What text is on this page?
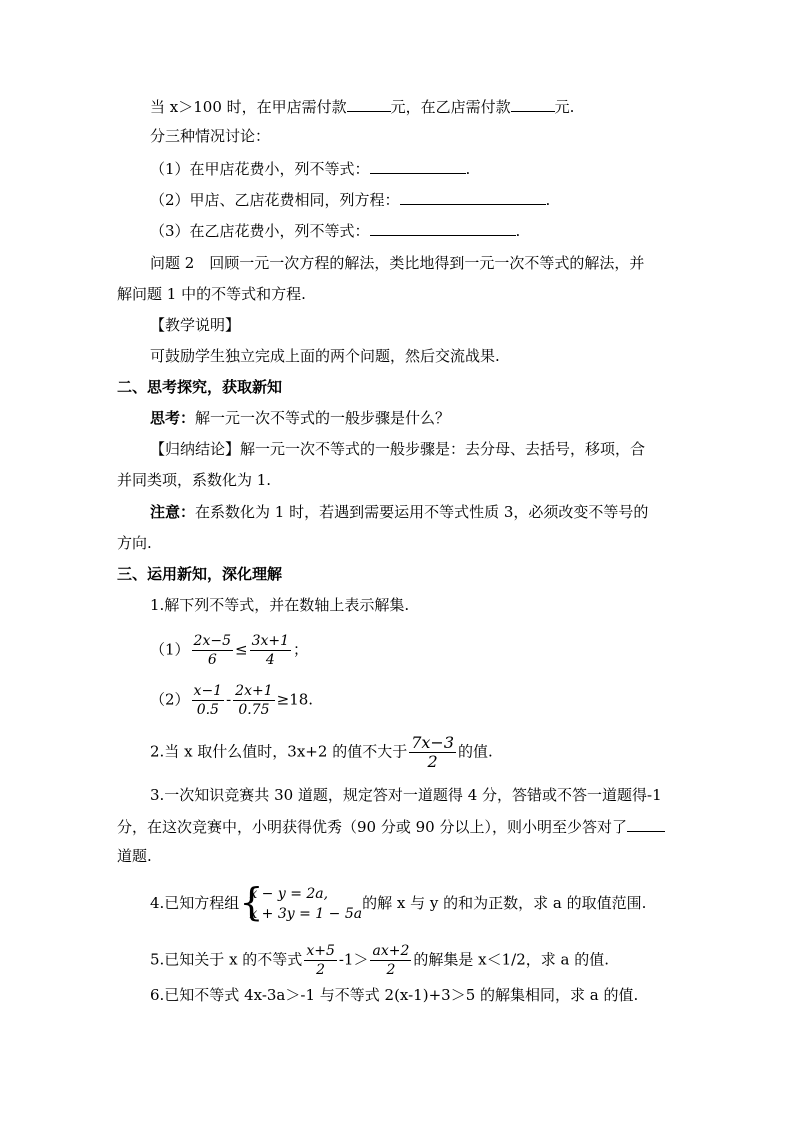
当 x＞100 时，在甲店需付款	元，在乙店需付款	元.
分三种情况讨论：
（1）在甲店花费小，列不等式：	.
（2）甲店、乙店花费相同，列方程：	.
（3）在乙店花费小，列不等式：	.
问题 2　回顾一元一次方程的解法，类比地得到一元一次不等式的解法，并
解问题 1 中的不等式和方程.
【教学说明】
可鼓励学生独立完成上面的两个问题，然后交流战果.
二、思考探究，获取新知
思考：解一元一次不等式的一般步骤是什么？
【归纳结论】解一元一次不等式的一般步骤是：去分母、去括号，移项，合
并同类项，系数化为 1.
注意：在系数化为 1 时，若遇到需要运用不等式性质 3，必须改变不等号的
方向.
三、运用新知，深化理解
1.解下列不等式，并在数轴上表示解集.
$(1) \frac{2x-5}{6} \le \frac{3x+1}{4}$ ；
$(2) \frac{x-1}{0.5} - \frac{2x+1}{0.75} \ge 18$.
2.当 x 取什么值时，3x+2 的值不大于 $\frac{7x-3}{2}$ 的值.
3.一次知识竞赛共 30 道题，规定答对一道题得 4 分，答错或不答一道题得-1
分，在这次竞赛中，小明获得优秀（90 分或 90 分以上），则小明至少答对了
道题.
4.已知方程组 {
x − y = 2a,
x + 3y = 1 − 5a
的解 x 与 y 的和为正数，求 a 的取值范围.
5.已知关于 x 的不等式 $\frac{x+5}{2} -1> \frac{ax+2}{2}$ 的解集是 x＜1/2，求 a 的值.
6.已知不等式 4x-3a＞-1 与不等式 2(x-1)+3＞5 的解集相同，求 a 的值.
